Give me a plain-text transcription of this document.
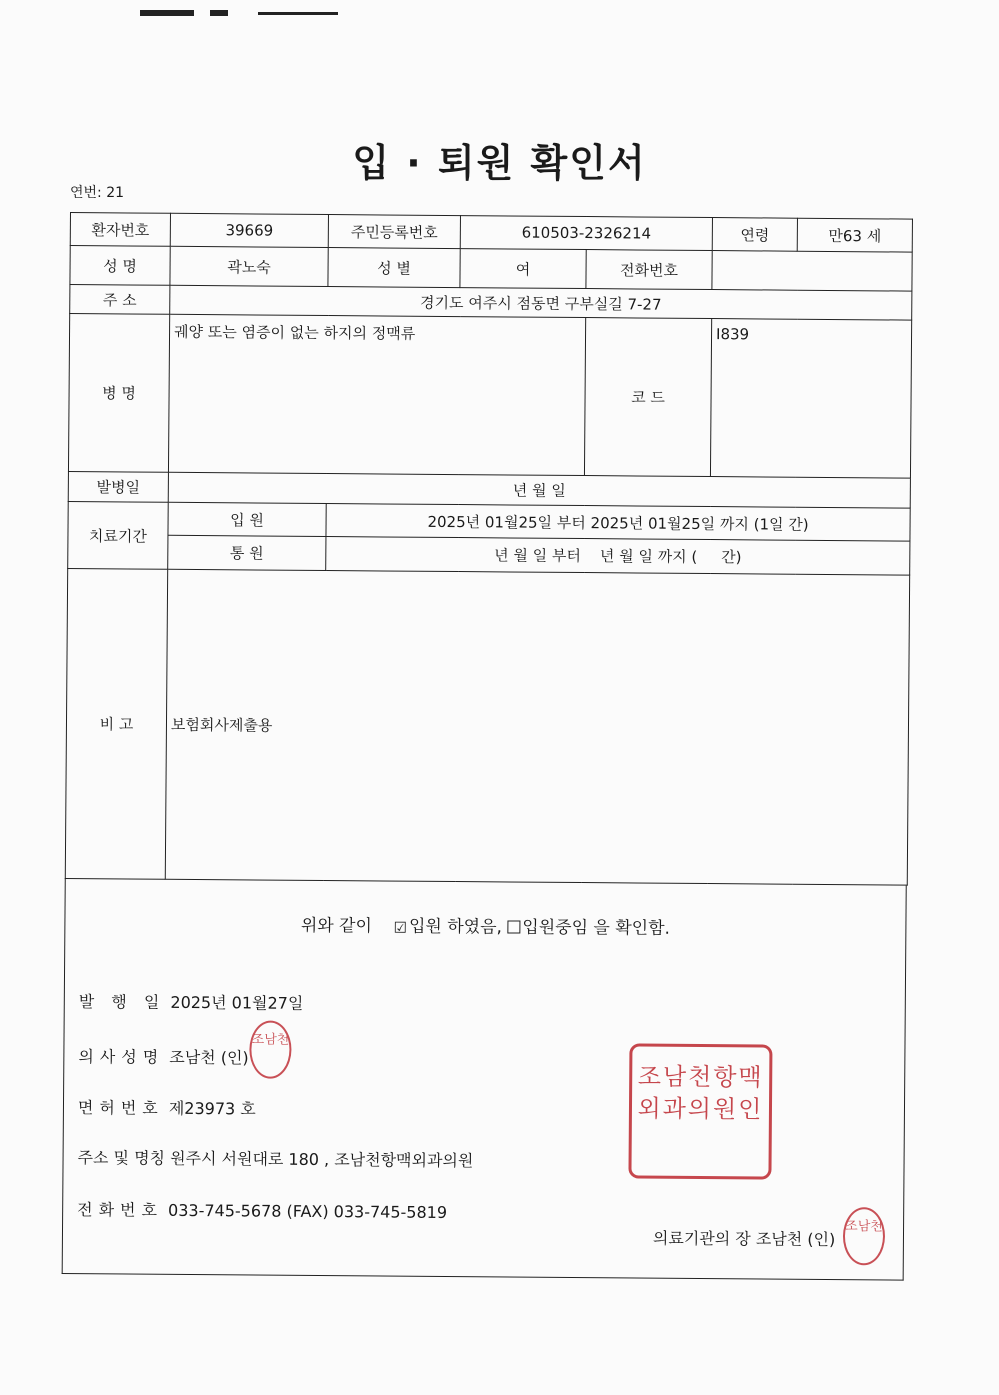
입 · 퇴원 확인서
연번: 21
환자번호	39669	주민등록번호	610503-2326214		연령	만63 세
성 명	곽노숙	성 별	여	전화번호		
주 소	경기도 여주시 점동면 구부실길 7-27					
병 명	궤양 또는 염증이 없는 하지의 정맥류			코 드	I839	
발병일	년 월 일					
치료기간	입 원	2025년 01월25일 부터 2025년 01월25일 까지 (1일 간)				
	통 원	년 월 일 부터    년 월 일 까지 (     간)				
비 고	보험회사제출용					
위와 같이 ☑ 입원 하였음, 입원중임 을 확인함.
발 행 일 2025년 01월27일
의사성명 조남천 (인)
조남천
면허번호 제23973 호
주소 및 명칭 원주시 서원대로 180 , 조남천항맥외과의원
전화번호 033-745-5678 (FAX) 033-745-5819
의료기관의 장 조남천 (인)
조남천
조남천항맥
외과의원인
